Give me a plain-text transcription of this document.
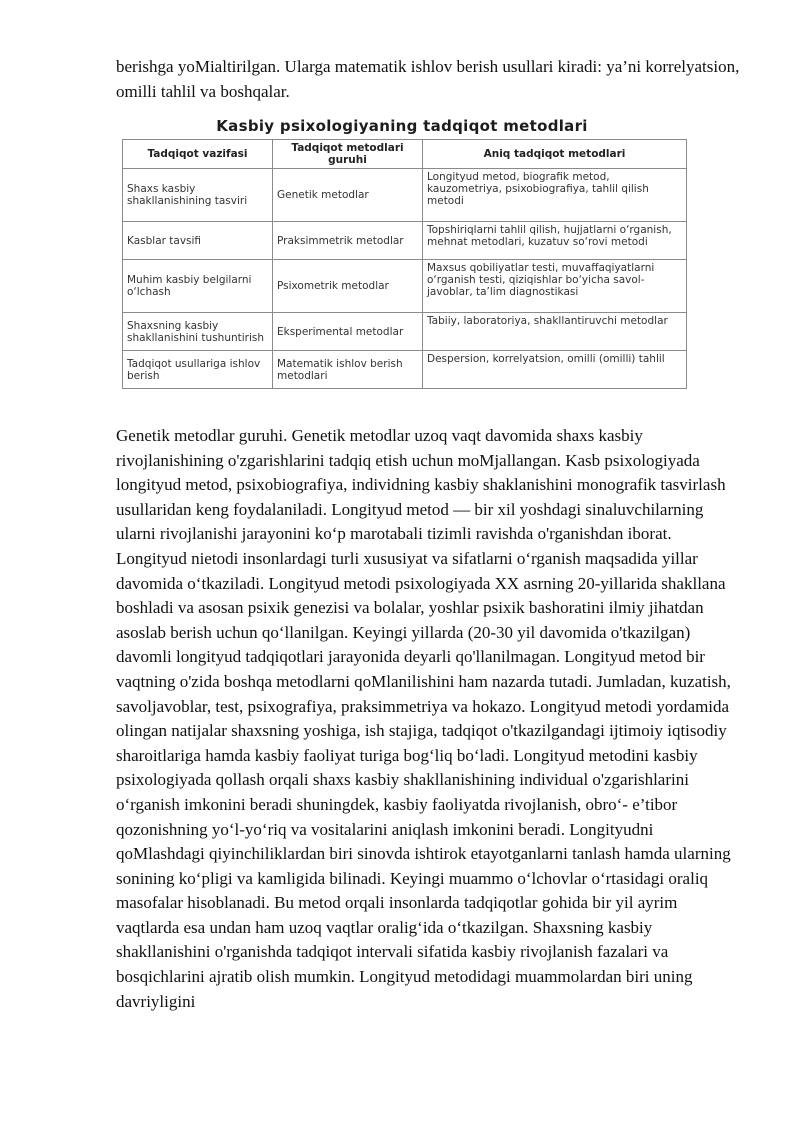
berishga yoMialtirilgan. Ularga matematik ishlov berish usullari kiradi: ya’ni korrelyatsion, omilli tahlil va boshqalar.

Kasbiy psixologiyaning tadqiqot metodlari
Tadqiqot vazifasi	Tadqiqot metodlari guruhi	Aniq tadqiqot metodlari
Shaxs kasbiy shakllanishining tasviri	Genetik metodlar	Longityud metod, biografik metod, kauzometriya, psixobiografiya, tahlil qilish metodi
Kasblar tavsifi	Praksimmetrik metodlar	Topshiriqlarni tahlil qilish, hujjatlarni o‘rganish, mehnat metodlari, kuzatuv so‘rovi metodi
Muhim kasbiy belgilarni o‘lchash	Psixometrik metodlar	Maxsus qobiliyatlar testi, muvaffaqiyatlarni o‘rganish testi, qiziqishlar bo‘yicha savol-javoblar, ta’lim diagnostikasi
Shaxsning kasbiy shakllanishini tushuntirish	Eksperimental metodlar	Tabiiy, laboratoriya, shakllantiruvchi metodlar
Tadqiqot usullariga ishlov berish	Matematik ishlov berish metodlari	Despersion, korrelyatsion, omilli (omilli) tahlil

Genetik metodlar guruhi. Genetik metodlar uzoq vaqt davomida shaxs kasbiy rivojlanishining o'zgarishlarini tadqiq etish uchun moMjallangan. Kasb psixologiyada longityud metod, psixobiografiya, individning kasbiy shaklanishini monografik tasvirlash usullaridan keng foydalaniladi. Longityud metod — bir xil yoshdagi sinaluvchilarning ularni rivojlanishi jarayonini ko‘p marotabali tizimli ravishda o'rganishdan iborat. Longityud nietodi insonlardagi turli xususiyat va sifatlarni o‘rganish maqsadida yillar davomida o‘tkaziladi. Longityud metodi psixologiyada XX asrning 20-yillarida shakllana boshladi va asosan psixik genezisi va bolalar, yoshlar psixik bashoratini ilmiy jihatdan asoslab berish uchun qo‘llanilgan. Keyingi yillarda (20-30 yil davomida o'tkazilgan) davomli longityud tadqiqotlari jarayonida deyarli qo'llanilmagan. Longityud metod bir vaqtning o'zida boshqa metodlarni qoMlanilishini ham nazarda tutadi. Jumladan, kuzatish, savoljavoblar, test, psixografiya, praksimmetriya va hokazo. Longityud metodi yordamida olingan natijalar shaxsning yoshiga, ish stajiga, tadqiqot o'tkazilgandagi ijtimoiy iqtisodiy sharoitlariga hamda kasbiy faoliyat turiga bog‘liq bo‘ladi. Longityud metodini kasbiy psixologiyada qollash orqali shaxs kasbiy shakllanishining individual o'zgarishlarini o‘rganish imkonini beradi shuningdek, kasbiy faoliyatda rivojlanish, obro‘- e’tibor qozonishning yo‘l-yo‘riq va vositalarini aniqlash imkonini beradi. Longityudni qoMlashdagi qiyinchiliklardan biri sinovda ishtirok etayotganlarni tanlash hamda ularning sonining ko‘pligi va kamligida bilinadi. Keyingi muammo o‘lchovlar o‘rtasidagi oraliq masofalar hisoblanadi. Bu metod orqali insonlarda tadqiqotlar gohida bir yil ayrim vaqtlarda esa undan ham uzoq vaqtlar oralig‘ida o‘tkazilgan. Shaxsning kasbiy shakllanishini o'rganishda tadqiqot intervali sifatida kasbiy rivojlanish fazalari va bosqichlarini ajratib olish mumkin. Longityud metodidagi muammolardan biri uning davriyligini
